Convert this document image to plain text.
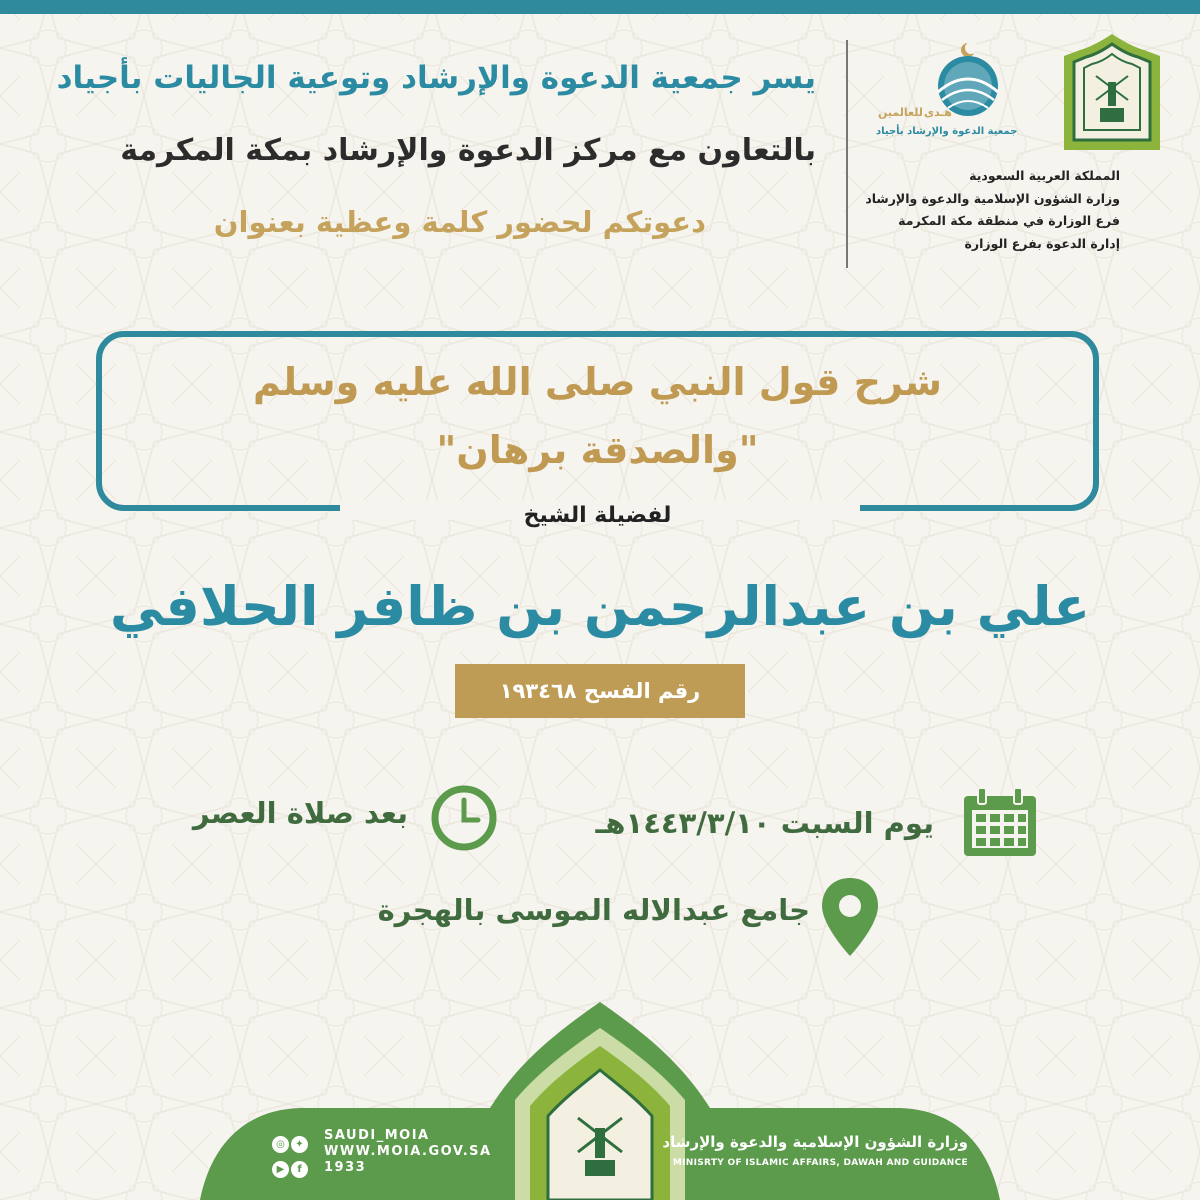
يسر جمعية الدعوة والإرشاد وتوعية الجاليات بأجياد
بالتعاون مع مركز الدعوة والإرشاد بمكة المكرمة
دعوتكم لحضور كلمة وعظية بعنوان
هـدى
للعالمين
جمعية الدعوة والإرشاد بأجياد
المملكة العربية السعودية
وزارة الشؤون الإسلامية والدعوة والإرشاد
فرع الوزارة في منطقة مكة المكرمة
إدارة الدعوة بفرع الوزارة
شرح قول النبي صلى الله عليه وسلم
"والصدقة برهان"
لفضيلة الشيخ
علي بن عبدالرحمن بن ظافر الحلافي
رقم الفسح ١٩٣٤٦٨
يوم السبت ١٤٤٣/٣/١٠هـ
بعد صلاة العصر
جامع عبدالاله الموسى بالهجرة
وزارة الشؤون الإسلامية والدعوة والإرشاد
MINISRTY OF ISLAMIC AFFAIRS, DAWAH AND GUIDANCE
◎ ✦
▶ f
SAUDI_MOIA
WWW.MOIA.GOV.SA
1933
